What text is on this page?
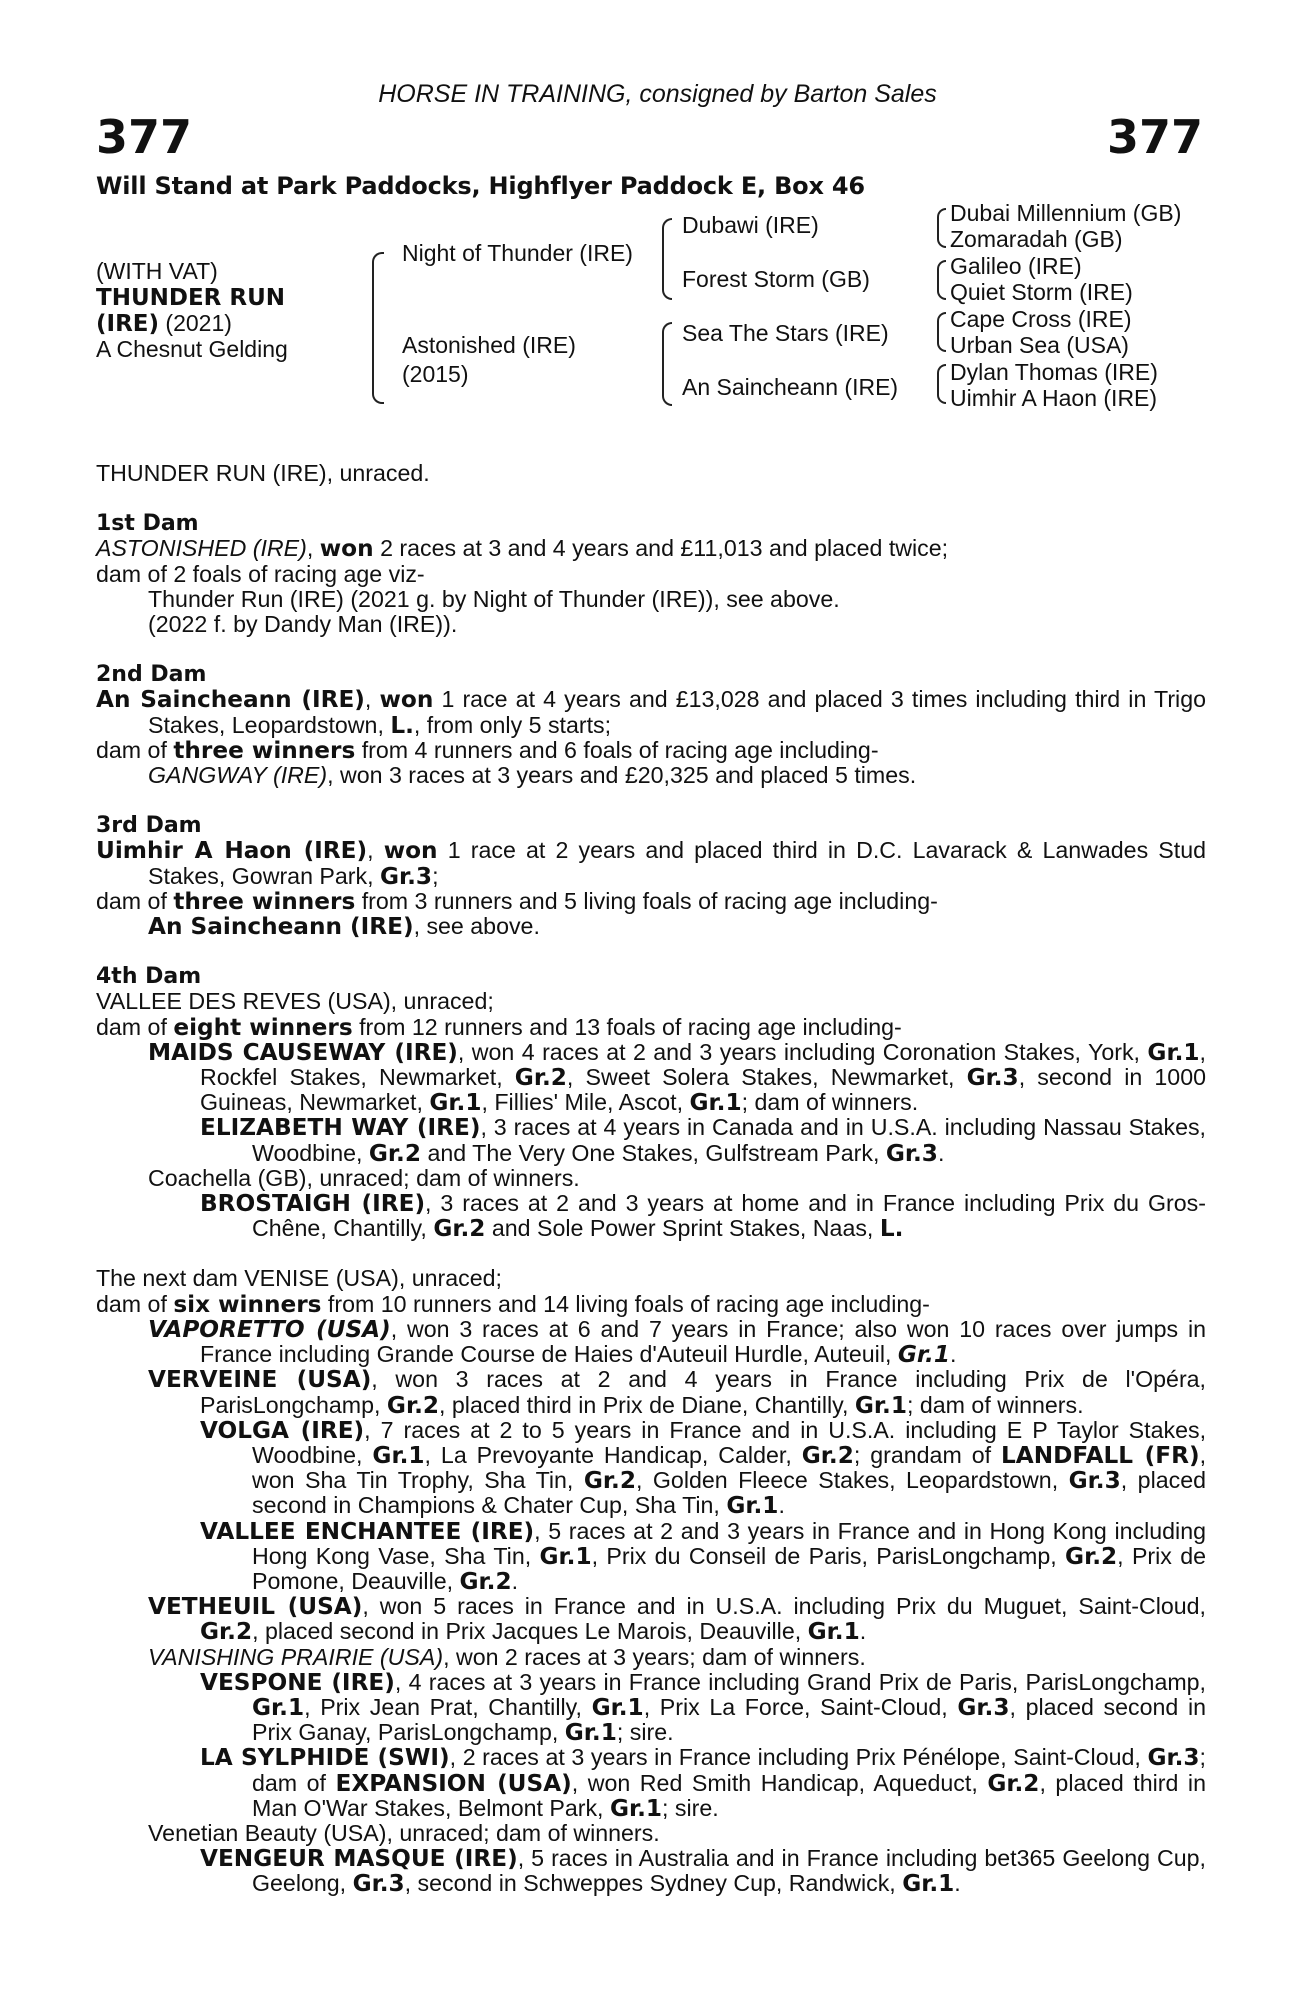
HORSE IN TRAINING, consigned by Barton Sales
377	377
Will Stand at Park Paddocks, Highflyer Paddock E, Box 46
(WITH VAT)
THUNDER RUN
(IRE) (2021)
A Chesnut Gelding
Night of Thunder (IRE)
Astonished (IRE)
(2015)
Dubawi (IRE)
Forest Storm (GB)
Sea The Stars (IRE)
An Saincheann (IRE)
Dubai Millennium (GB)
Zomaradah (GB)
Galileo (IRE)
Quiet Storm (IRE)
Cape Cross (IRE)
Urban Sea (USA)
Dylan Thomas (IRE)
Uimhir A Haon (IRE)

THUNDER RUN (IRE), unraced.

1st Dam

ASTONISHED (IRE), won 2 races at 3 and 4 years and £11,013 and placed twice;

dam of 2 foals of racing age viz-

Thunder Run (IRE) (2021 g. by Night of Thunder (IRE)), see above.

(2022 f. by Dandy Man (IRE)).

2nd Dam

An Saincheann (IRE), won 1 race at 4 years and £13,028 and placed 3 times including third in Trigo Stakes, Leopardstown, L., from only 5 starts;

dam of three winners from 4 runners and 6 foals of racing age including-

GANGWAY (IRE), won 3 races at 3 years and £20,325 and placed 5 times.

3rd Dam

Uimhir A Haon (IRE), won 1 race at 2 years and placed third in D.C. Lavarack & Lanwades Stud Stakes, Gowran Park, Gr.3;

dam of three winners from 3 runners and 5 living foals of racing age including-

An Saincheann (IRE), see above.

4th Dam

VALLEE DES REVES (USA), unraced;

dam of eight winners from 12 runners and 13 foals of racing age including-

MAIDS CAUSEWAY (IRE), won 4 races at 2 and 3 years including Coronation Stakes, York, Gr.1, Rockfel Stakes, Newmarket, Gr.2, Sweet Solera Stakes, Newmarket, Gr.3, second in 1000 Guineas, Newmarket, Gr.1, Fillies' Mile, Ascot, Gr.1; dam of winners.

ELIZABETH WAY (IRE), 3 races at 4 years in Canada and in U.S.A. including Nassau Stakes, Woodbine, Gr.2 and The Very One Stakes, Gulfstream Park, Gr.3.

Coachella (GB), unraced; dam of winners.

BROSTAIGH (IRE), 3 races at 2 and 3 years at home and in France including Prix du Gros-Chêne, Chantilly, Gr.2 and Sole Power Sprint Stakes, Naas, L.

The next dam VENISE (USA), unraced;

dam of six winners from 10 runners and 14 living foals of racing age including-

VAPORETTO (USA), won 3 races at 6 and 7 years in France; also won 10 races over jumps in France including Grande Course de Haies d'Auteuil Hurdle, Auteuil, Gr.1.

VERVEINE (USA), won 3 races at 2 and 4 years in France including Prix de l'Opéra, ParisLongchamp, Gr.2, placed third in Prix de Diane, Chantilly, Gr.1; dam of winners.

VOLGA (IRE), 7 races at 2 to 5 years in France and in U.S.A. including E P Taylor Stakes, Woodbine, Gr.1, La Prevoyante Handicap, Calder, Gr.2; grandam of LANDFALL (FR), won Sha Tin Trophy, Sha Tin, Gr.2, Golden Fleece Stakes, Leopardstown, Gr.3, placed second in Champions & Chater Cup, Sha Tin, Gr.1.

VALLEE ENCHANTEE (IRE), 5 races at 2 and 3 years in France and in Hong Kong including Hong Kong Vase, Sha Tin, Gr.1, Prix du Conseil de Paris, ParisLongchamp, Gr.2, Prix de Pomone, Deauville, Gr.2.

VETHEUIL (USA), won 5 races in France and in U.S.A. including Prix du Muguet, Saint-Cloud, Gr.2, placed second in Prix Jacques Le Marois, Deauville, Gr.1.

VANISHING PRAIRIE (USA), won 2 races at 3 years; dam of winners.

VESPONE (IRE), 4 races at 3 years in France including Grand Prix de Paris, ParisLongchamp, Gr.1, Prix Jean Prat, Chantilly, Gr.1, Prix La Force, Saint-Cloud, Gr.3, placed second in Prix Ganay, ParisLongchamp, Gr.1; sire.

LA SYLPHIDE (SWI), 2 races at 3 years in France including Prix Pénélope, Saint-Cloud, Gr.3; dam of EXPANSION (USA), won Red Smith Handicap, Aqueduct, Gr.2, placed third in Man O'War Stakes, Belmont Park, Gr.1; sire.

Venetian Beauty (USA), unraced; dam of winners.

VENGEUR MASQUE (IRE), 5 races in Australia and in France including bet365 Geelong Cup, Geelong, Gr.3, second in Schweppes Sydney Cup, Randwick, Gr.1.
